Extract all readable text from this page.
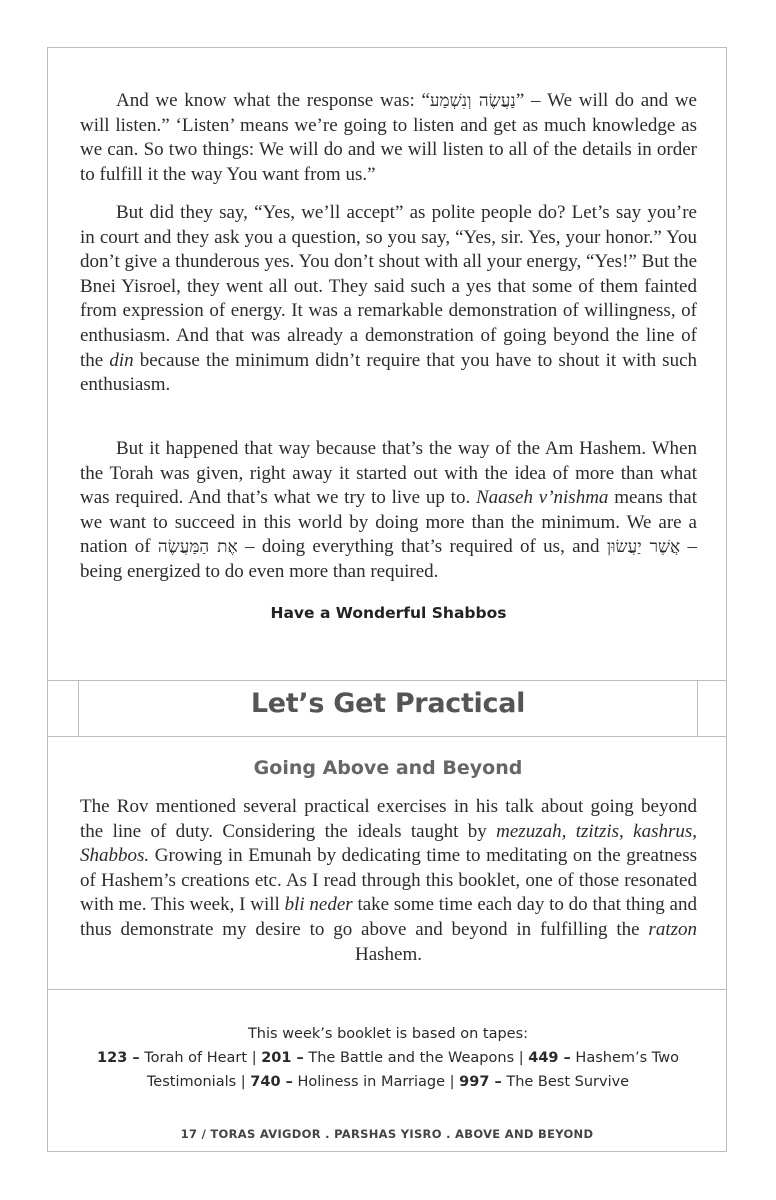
And we know what the response was: “נַעֲשֶׂה וְנִשְׁמַע” – We will do and we will listen.” ‘Listen’ means we’re going to listen and get as much knowledge as we can. So two things: We will do and we will listen to all of the details in order to fulfill it the way You want from us.”

But did they say, “Yes, we’ll accept” as polite people do? Let’s say you’re in court and they ask you a question, so you say, “Yes, sir. Yes, your honor.” You don’t give a thunderous yes. You don’t shout with all your energy, “Yes!” But the Bnei Yisroel, they went all out. They said such a yes that some of them fainted from expression of energy. It was a remarkable demonstration of willingness, of enthusiasm. And that was already a demonstration of going beyond the line of the din because the minimum didn’t require that you have to shout it with such enthusiasm.

But it happened that way because that’s the way of the Am Hashem. When the Torah was given, right away it started out with the idea of more than what was required. And that’s what we try to live up to. Naaseh v’nishma means that we want to succeed in this world by doing more than the minimum. We are a nation of אֶת הַמַּעֲשֶׂה – doing everything that’s required of us, and אֲשֶׁר יַעֲשׂוּן – being energized to do even more than required.

Have a Wonderful Shabbos
Let’s Get Practical
Going Above and Beyond

The Rov mentioned several practical exercises in his talk about going beyond the line of duty. Considering the ideals taught by mezuzah, tzitzis, kashrus, Shabbos. Growing in Emunah by dedicating time to meditating on the greatness of Hashem’s creations etc. As I read through this booklet, one of those resonated with me. This week, I will bli neder take some time each day to do that thing and thus demonstrate my desire to go above and beyond in fulfilling the ratzon Hashem.

This week’s booklet is based on tapes:
123 – Torah of Heart | 201 – The Battle and the Weapons | 449 – Hashem’s Two Testimonials | 740 – Holiness in Marriage | 997 – The Best Survive
17 / TORAS AVIGDOR . PARSHAS YISRO . ABOVE AND BEYOND
